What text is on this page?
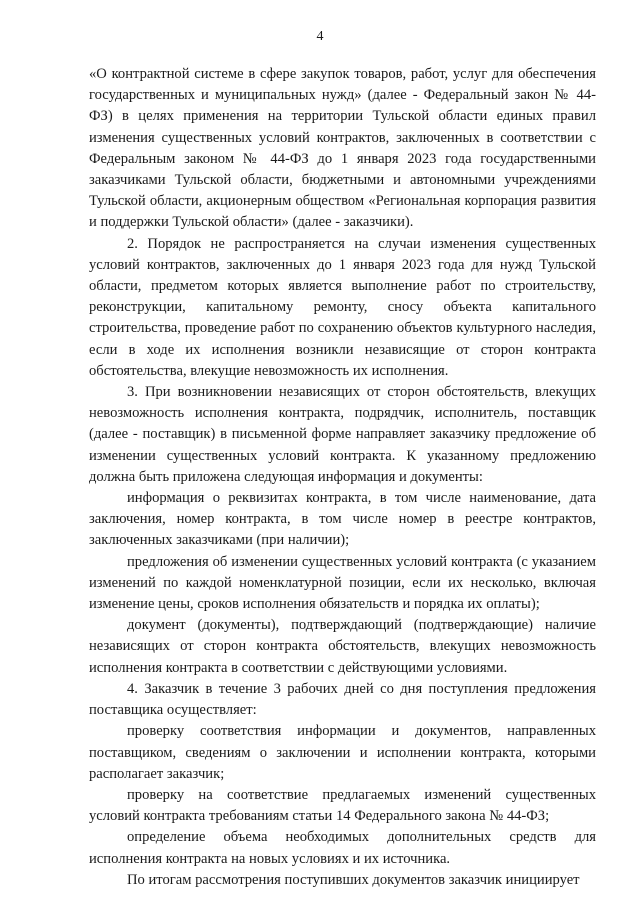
4

«О контрактной системе в сфере закупок товаров, работ, услуг для обеспечения государственных и муниципальных нужд» (далее - Федеральный закон № 44-ФЗ) в целях применения на территории Тульской области единых правил изменения существенных условий контрактов, заключенных в соответствии с Федеральным законом № 44-ФЗ до 1 января 2023 года государственными заказчиками Тульской области, бюджетными и автономными учреждениями Тульской области, акционерным обществом «Региональная корпорация развития и поддержки Тульской области» (далее - заказчики).

2. Порядок не распространяется на случаи изменения существенных условий контрактов, заключенных до 1 января 2023 года для нужд Тульской области, предметом которых является выполнение работ по строительству, реконструкции, капитальному ремонту, сносу объекта капитального строительства, проведение работ по сохранению объектов культурного наследия, если в ходе их исполнения возникли независящие от сторон контракта обстоятельства, влекущие невозможность их исполнения.

3. При возникновении независящих от сторон обстоятельств, влекущих невозможность исполнения контракта, подрядчик, исполнитель, поставщик (далее - поставщик) в письменной форме направляет заказчику предложение об изменении существенных условий контракта. К указанному предложению должна быть приложена следующая информация и документы:

информация о реквизитах контракта, в том числе наименование, дата заключения, номер контракта, в том числе номер в реестре контрактов, заключенных заказчиками (при наличии);

предложения об изменении существенных условий контракта (с указанием изменений по каждой номенклатурной позиции, если их несколько, включая изменение цены, сроков исполнения обязательств и порядка их оплаты);

документ (документы), подтверждающий (подтверждающие) наличие независящих от сторон контракта обстоятельств, влекущих невозможность исполнения контракта в соответствии с действующими условиями.

4. Заказчик в течение 3 рабочих дней со дня поступления предложения поставщика осуществляет:

проверку соответствия информации и документов, направленных поставщиком, сведениям о заключении и исполнении контракта, которыми располагает заказчик;

проверку на соответствие предлагаемых изменений существенных условий контракта требованиям статьи 14 Федерального закона № 44-ФЗ;

определение объема необходимых дополнительных средств для исполнения контракта на новых условиях и их источника.

По итогам рассмотрения поступивших документов заказчик инициирует
